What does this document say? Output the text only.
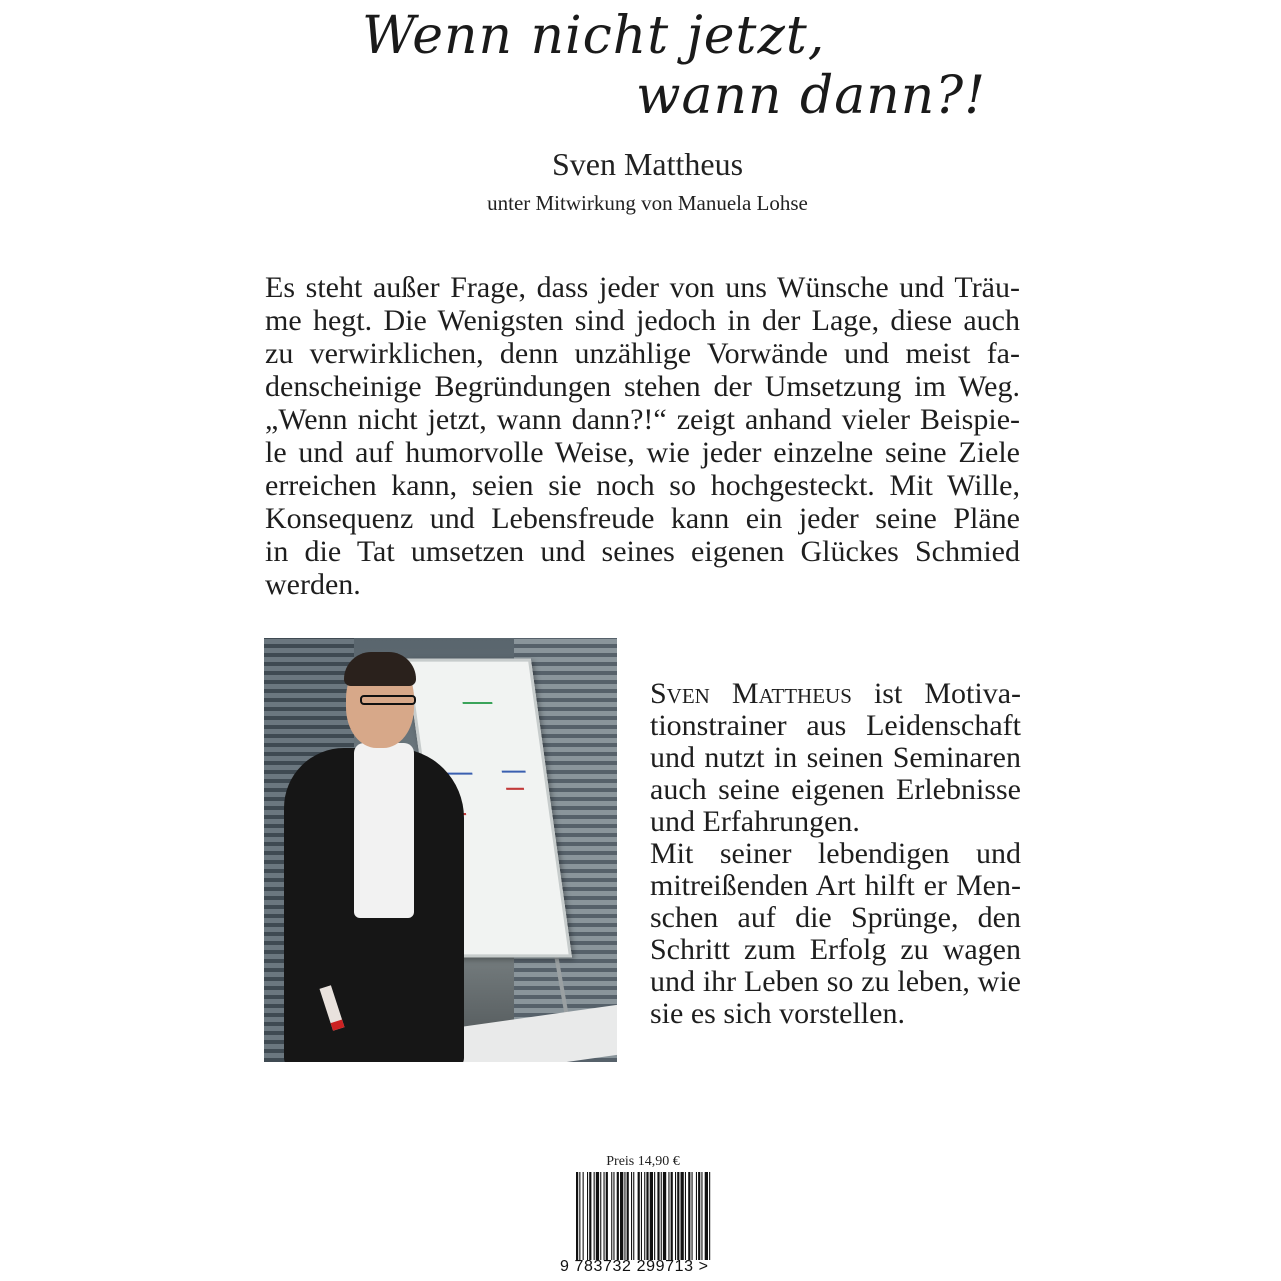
Wenn nicht jetzt,
wann dann?!
Sven Mattheus
unter Mitwirkung von Manuela Lohse
Es steht außer Frage, dass jeder von uns Wünsche und Träu-
me hegt. Die Wenigsten sind jedoch in der Lage, diese auch
zu verwirklichen, denn unzählige Vorwände und meist fa-
denscheinige Begründungen stehen der Umsetzung im Weg.
„Wenn nicht jetzt, wann dann?!“ zeigt anhand vieler Beispie-
le und auf humorvolle Weise, wie jeder einzelne seine Ziele
erreichen kann, seien sie noch so hochgesteckt. Mit Wille,
Konsequenz und Lebensfreude kann ein jeder seine Pläne
in die Tat umsetzen und seines eigenen Glückes Schmied
werden.
Sven Mattheus ist Motiva-
tionstrainer aus Leidenschaft
und nutzt in seinen Seminaren
auch seine eigenen Erlebnisse
und Erfahrungen.
Mit seiner lebendigen und
mitreißenden Art hilft er Men-
schen auf die Sprünge, den
Schritt zum Erfolg zu wagen
und ihr Leben so zu leben, wie
sie es sich vorstellen.
Preis 14,90 €
9 783732 299713 >
